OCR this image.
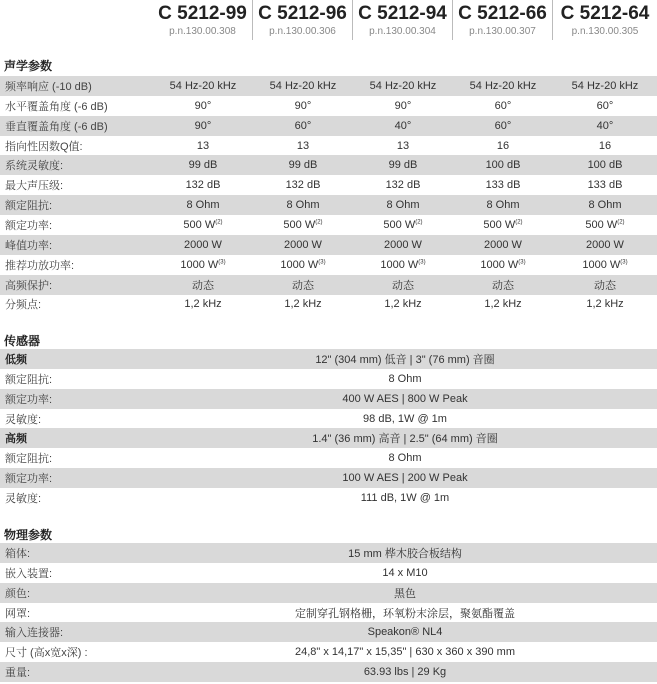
C 5212-99
p.n.130.00.308
C 5212-96
p.n.130.00.306
C 5212-94
p.n.130.00.304
C 5212-66
p.n.130.00.307
C 5212-64
p.n.130.00.305
声学参数
频率响应 (-10 dB)	54 Hz-20 kHz	54 Hz-20 kHz	54 Hz-20 kHz	54 Hz-20 kHz	54 Hz-20 kHz
水平覆盖角度 (-6 dB)	90°	90°	90°	60°	60°
垂直覆盖角度 (-6 dB)	90°	60°	40°	60°	40°
指向性因数Q值:	13	13	13	16	16
系统灵敏度:	99 dB	99 dB	99 dB	100 dB	100 dB
最大声压级:	132 dB	132 dB	132 dB	133 dB	133 dB
额定阻抗:	8 Ohm	8 Ohm	8 Ohm	8 Ohm	8 Ohm
额定功率:	500 $W^{(2)}$	500 $W^{(2)}$	500 $W^{(2)}$	500 $W^{(2)}$	500 $W^{(2)}$
峰值功率:	2000 W	2000 W	2000 W	2000 W	2000 W
推荐功放功率:	1000 $W^{(3)}$	1000 $W^{(3)}$	1000 $W^{(3)}$	1000 $W^{(3)}$	1000 $W^{(3)}$
高频保护:	动态	动态	动态	动态	动态
分频点:	1,2 kHz	1,2 kHz	1,2 kHz	1,2 kHz	1,2 kHz
传感器
低频	12" (304 mm) 低音 | 3" (76 mm) 音圈
额定阻抗:	8 Ohm
额定功率:	400 W AES | 800 W Peak
灵敏度:	98 dB, 1W @ 1m
高频	1.4" (36 mm) 高音 | 2.5" (64 mm) 音圈
额定阻抗:	8 Ohm
额定功率:	100 W AES | 200 W Peak
灵敏度:	111 dB, 1W @ 1m
物理参数
箱体:	15 mm 桦木胶合板结构
嵌入装置:	14 x M10
颜色:	黑色
网罩:	定制穿孔钢格栅，环氧粉末涂层，聚氨酯覆盖
输入连接器:	Speakon® NL4
尺寸 (高x宽x深) :	24,8" x 14,17" x 15,35" | 630 x 360 x 390 mm
重量:	63.93 lbs | 29 Kg
